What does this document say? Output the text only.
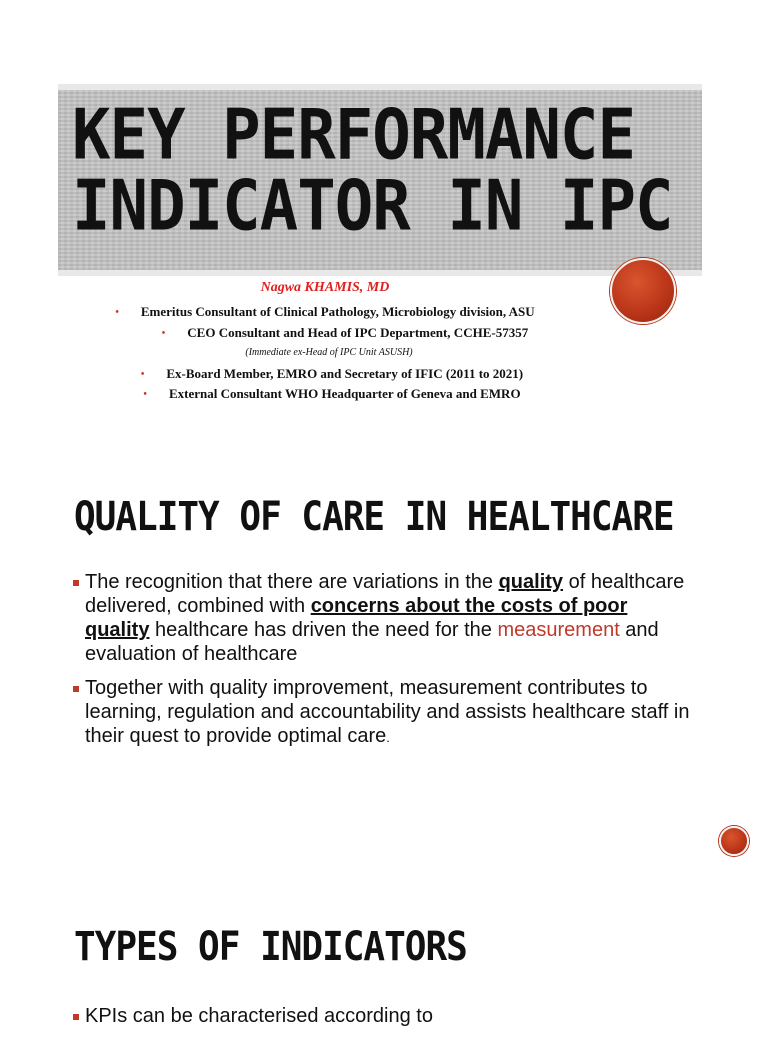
KEY PERFORMANCE
INDICATOR IN IPC
Nagwa KHAMIS, MD
• Emeritus Consultant of Clinical Pathology, Microbiology division, ASU
• CEO Consultant and Head of IPC Department, CCHE-57357
(Immediate ex-Head of IPC Unit ASUSH)
• Ex-Board Member, EMRO and Secretary of IFIC (2011 to 2021)
• External Consultant WHO Headquarter of Geneva and EMRO
QUALITY OF CARE IN HEALTHCARE
The recognition that there are variations in the quality of healthcare delivered, combined with concerns about the costs of poor quality healthcare has driven the need for the measurement and evaluation of healthcare
Together with quality improvement, measurement contributes to learning, regulation and accountability and assists healthcare staff in their quest to provide optimal care.
TYPES OF INDICATORS
KPIs can be characterised according to
